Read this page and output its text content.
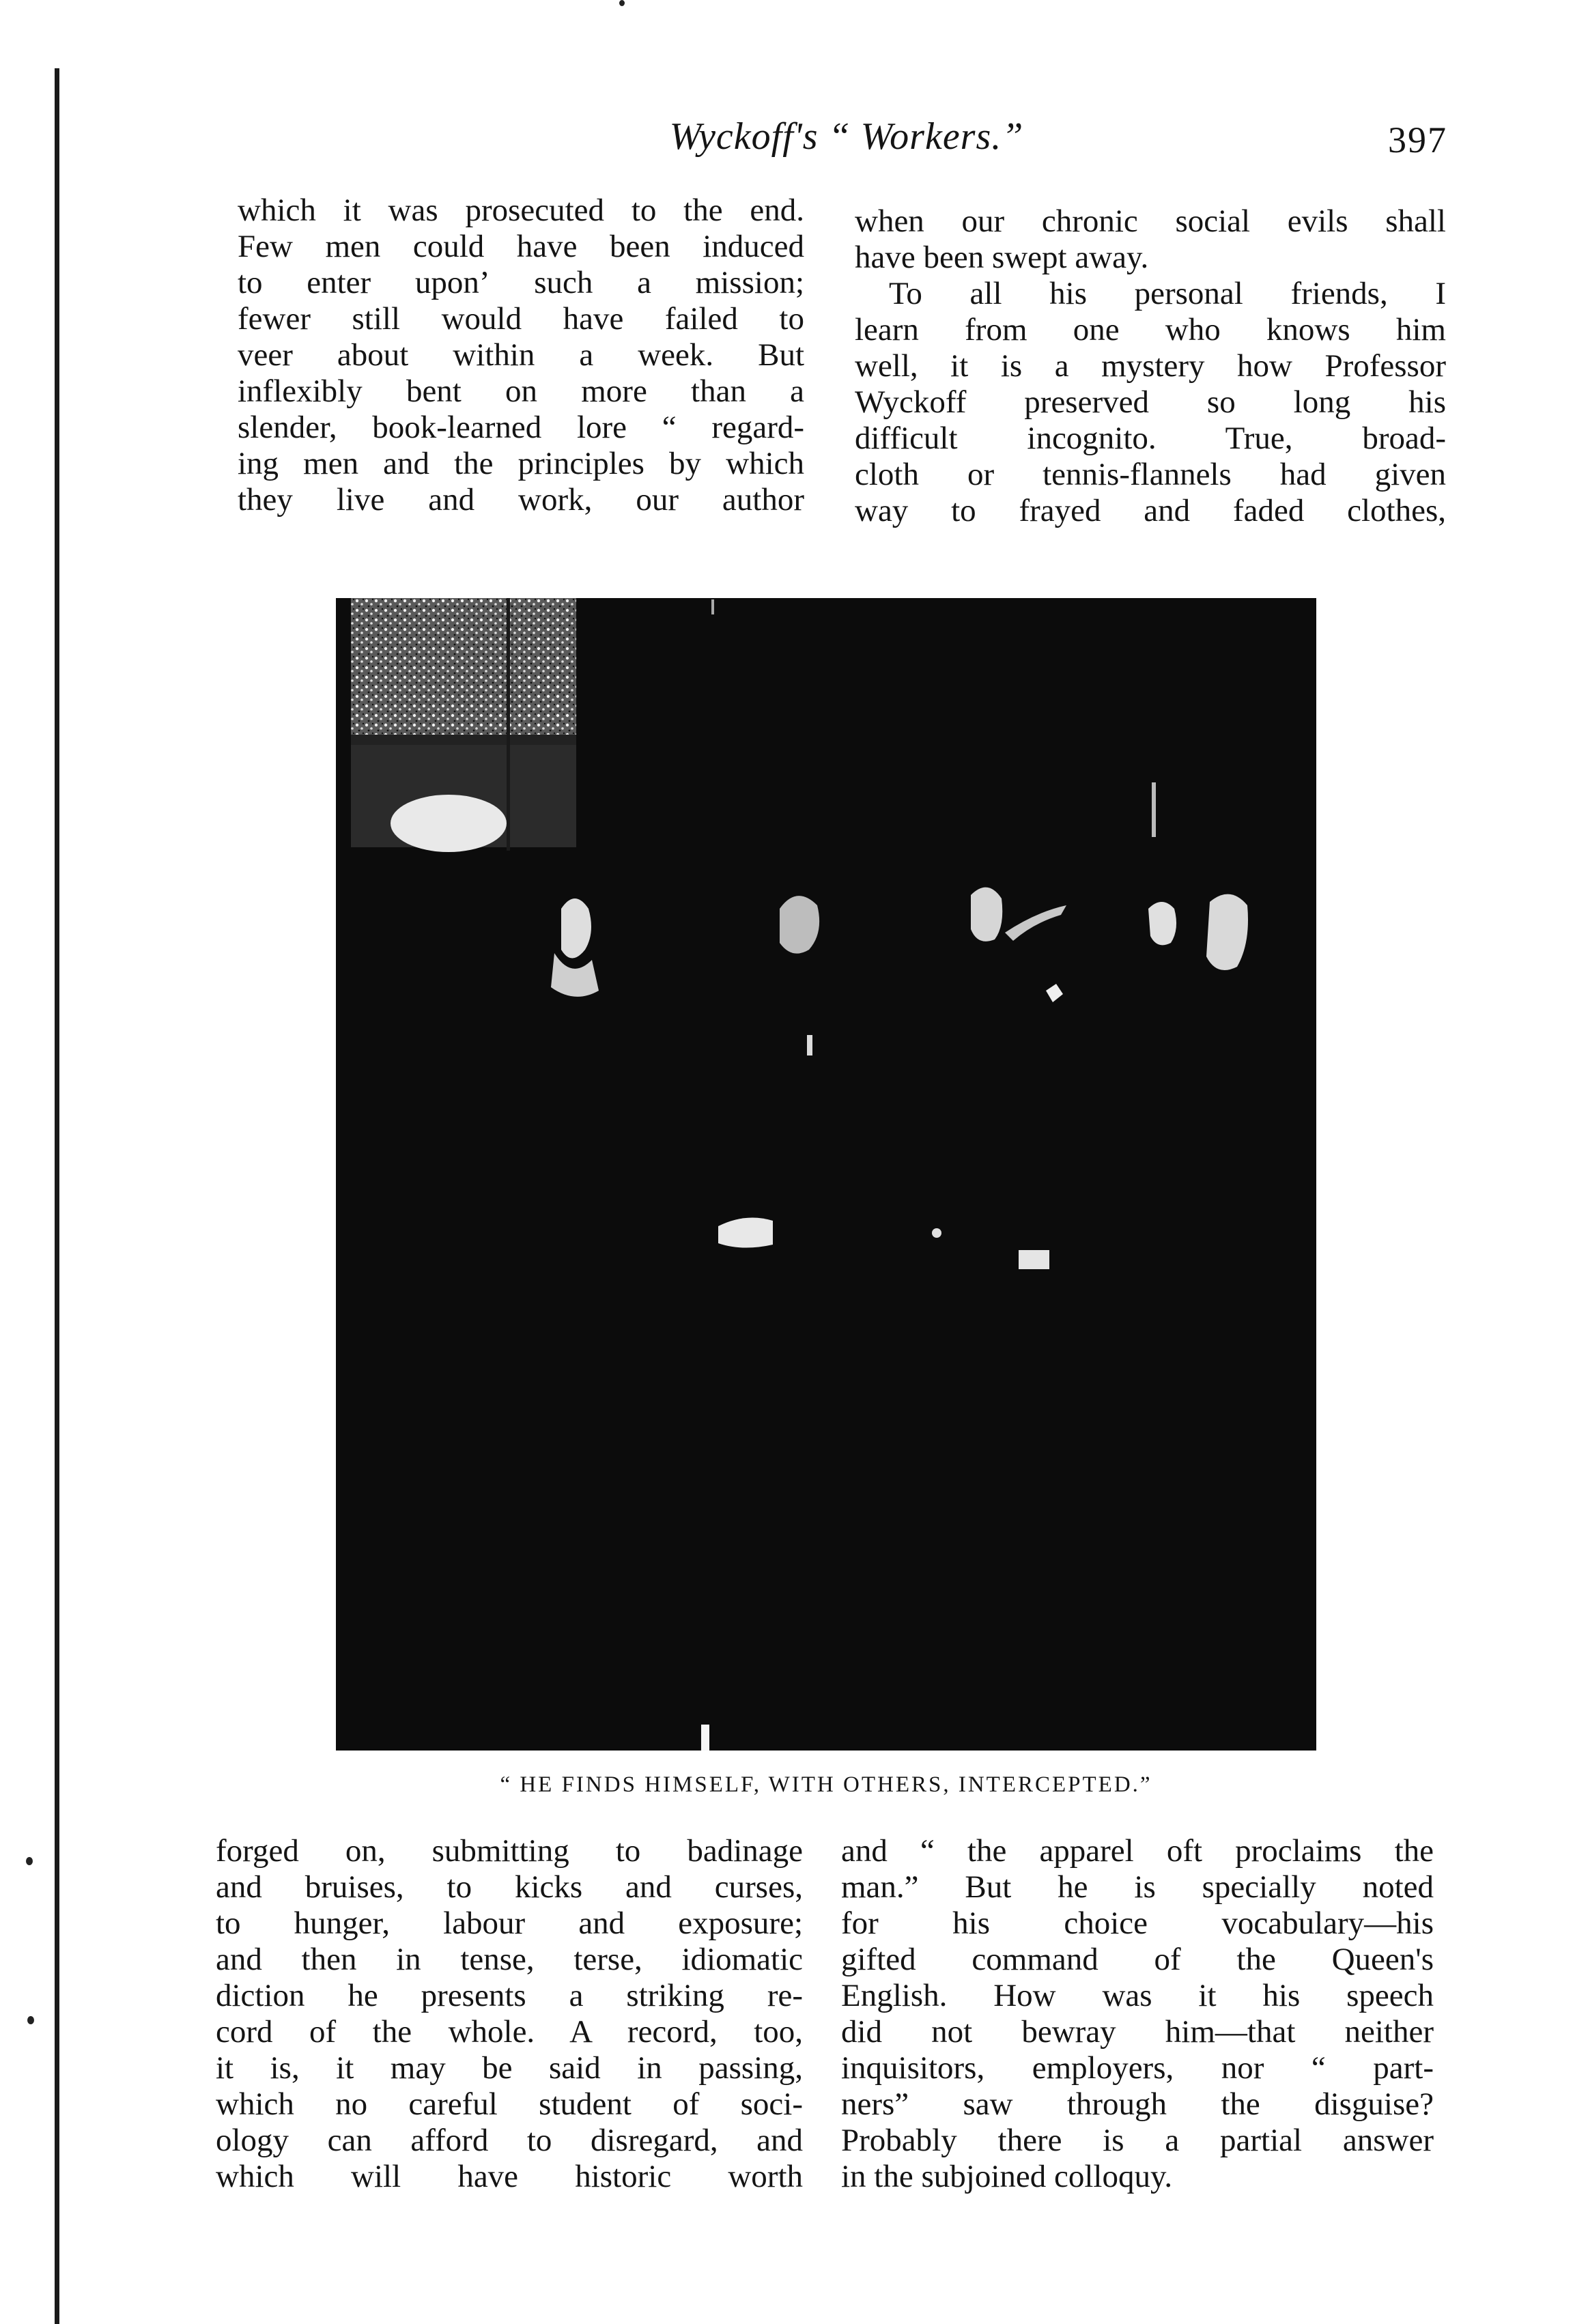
Wyckoff's “ Workers.”	397
which it was prosecuted to the end.
Few men could have been induced
to enter uponʼ such a mission;
fewer still would have failed to
veer about within a week. But
inflexibly bent on more than a
slender, book-learned lore “ regard-
ing men and the principles by which
they live and work, our author
when our chronic social evils shall
have been swept away.
To all his personal friends, I
learn from one who knows him
well, it is a mystery how Professor
Wyckoff preserved so long his
difficult incognito. True, broad-
cloth or tennis-flannels had given
way to frayed and faded clothes,
“ HE FINDS HIMSELF, WITH OTHERS, INTERCEPTED.”
forged on, submitting to badinage
and bruises, to kicks and curses,
to hunger, labour and exposure;
and then in tense, terse, idiomatic
diction he presents a striking re-
cord of the whole. A record, too,
it is, it may be said in passing,
which no careful student of soci-
ology can afford to disregard, and
which will have historic worth
and “ the apparel oft proclaims the
man.” But he is specially noted
for his choice vocabulary—his
gifted command of the Queen's
English. How was it his speech
did not bewray him—that neither
inquisitors, employers, nor “ part-
ners” saw through the disguise?
Probably there is a partial answer
in the subjoined colloquy.
